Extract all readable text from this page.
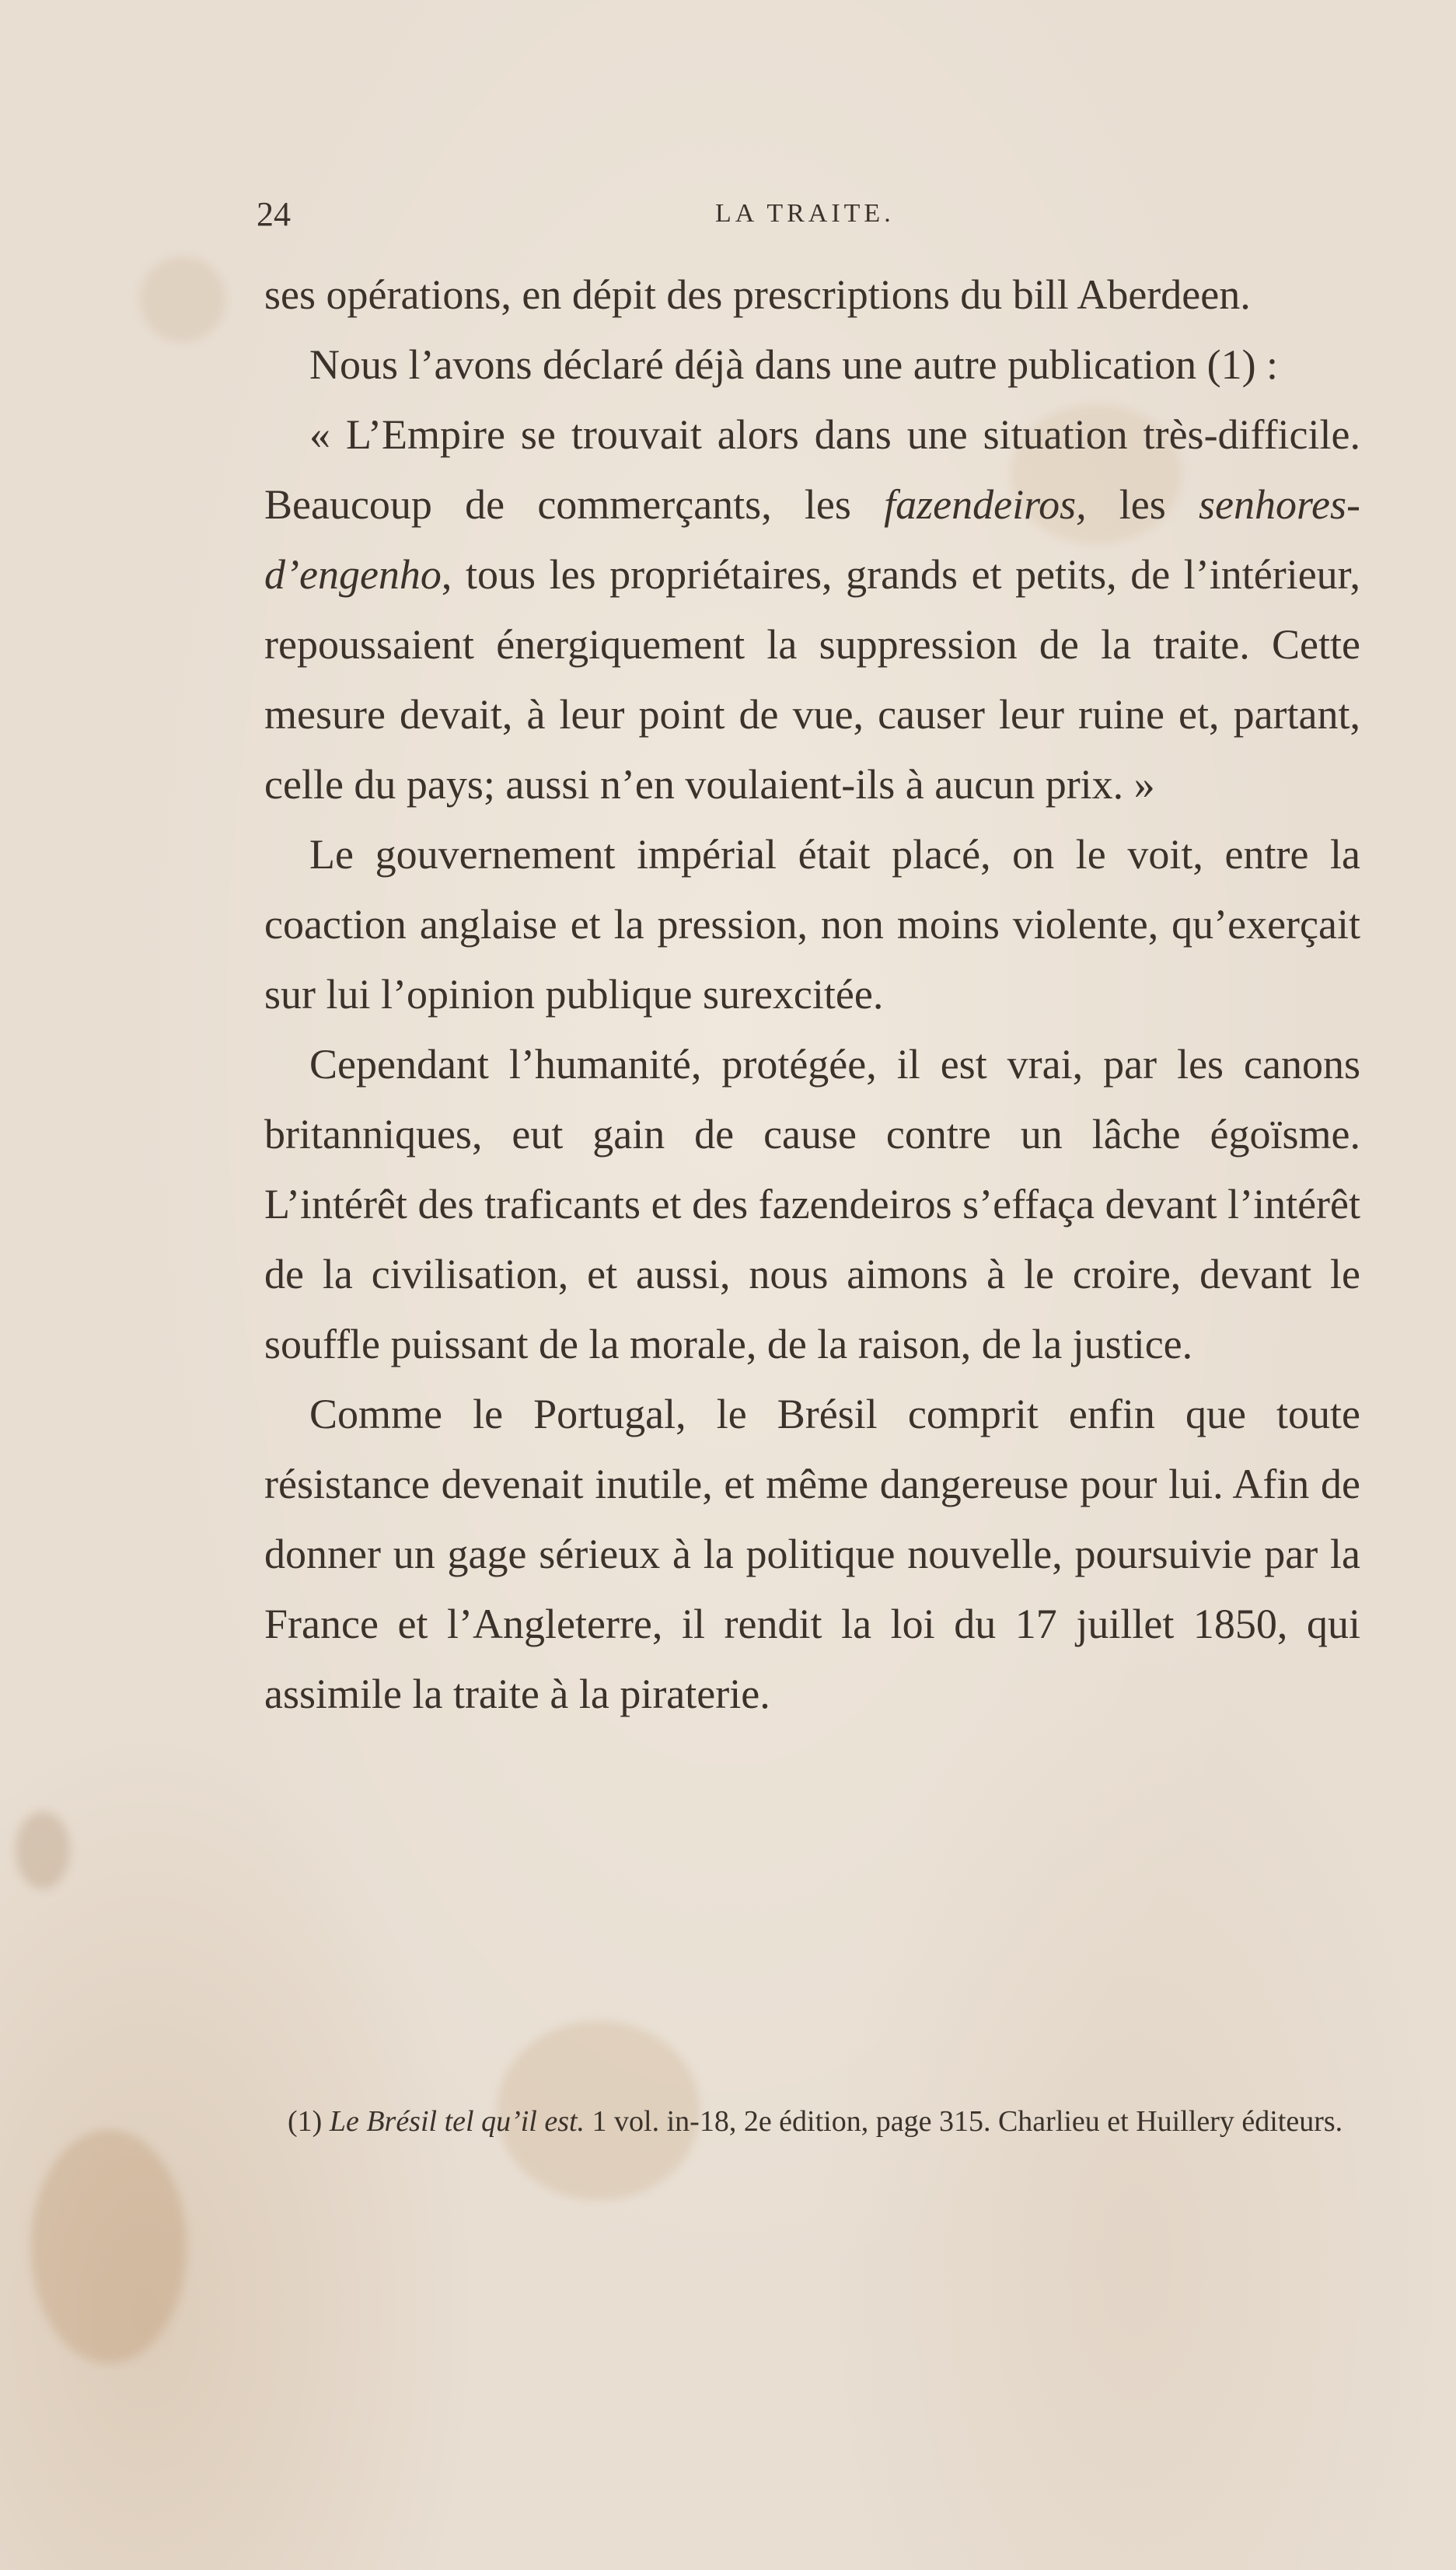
24	LA TRAITE.

ses opérations, en dépit des prescriptions du bill Aberdeen.

Nous l’avons déclaré déjà dans une autre publication (1) :

« L’Empire se trouvait alors dans une situation très-difficile. Beaucoup de commerçants, les fazendeiros, les senhores-d’engenho, tous les propriétaires, grands et petits, de l’intérieur, repoussaient énergiquement la suppression de la traite. Cette mesure devait, à leur point de vue, causer leur ruine et, partant, celle du pays; aussi n’en voulaient-ils à aucun prix. »

Le gouvernement impérial était placé, on le voit, entre la coaction anglaise et la pression, non moins violente, qu’exerçait sur lui l’opinion publique surexcitée.

Cependant l’humanité, protégée, il est vrai, par les canons britanniques, eut gain de cause contre un lâche égoïsme. L’intérêt des traficants et des fazendeiros s’effaça devant l’intérêt de la civilisation, et aussi, nous aimons à le croire, devant le souffle puissant de la morale, de la raison, de la justice.

Comme le Portugal, le Brésil comprit enfin que toute résistance devenait inutile, et même dangereuse pour lui. Afin de donner un gage sérieux à la politique nouvelle, poursuivie par la France et l’Angleterre, il rendit la loi du 17 juillet 1850, qui assimile la traite à la piraterie.

(1) Le Brésil tel qu’il est. 1 vol. in-18, 2e édition, page 315. Charlieu et Huillery éditeurs.
